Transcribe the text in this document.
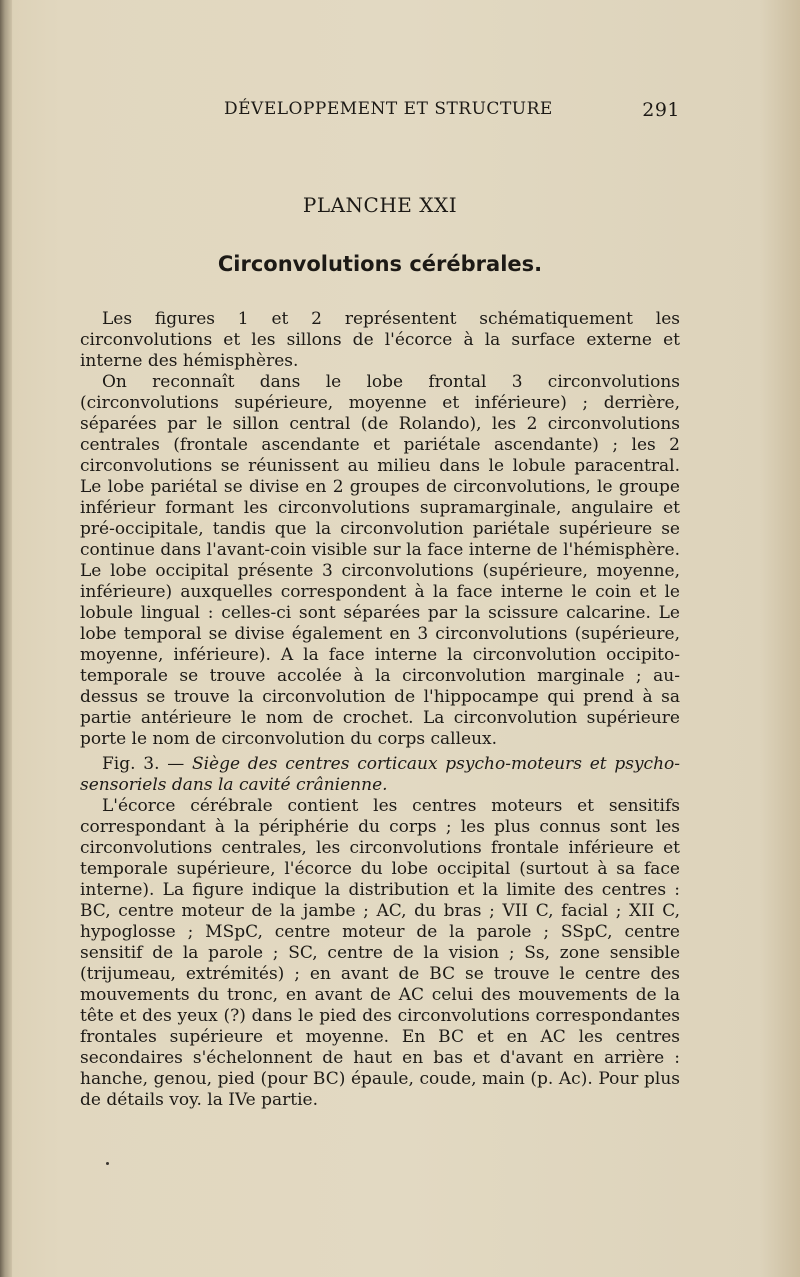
DÉVELOPPEMENT ET STRUCTURE	291
PLANCHE XXI
Circonvolutions cérébrales.

Les figures 1 et 2 représentent schématiquement les circonvolutions et les sillons de l'écorce à la surface externe et interne des hémisphères.

On reconnaît dans le lobe frontal 3 circonvolutions (circonvolutions supérieure, moyenne et inférieure) ; derrière, séparées par le sillon central (de Rolando), les 2 circonvolutions centrales (frontale ascendante et pariétale ascendante) ; les 2 circonvolutions se réunissent au milieu dans le lobule paracentral. Le lobe pariétal se divise en 2 groupes de circonvolutions, le groupe inférieur formant les circonvolutions supramarginale, angulaire et pré-occipitale, tandis que la circonvolution pariétale supérieure se continue dans l'avant-coin visible sur la face interne de l'hémisphère. Le lobe occipital présente 3 circonvolutions (supérieure, moyenne, inférieure) auxquelles correspondent à la face interne le coin et le lobule lingual : celles-ci sont séparées par la scissure calcarine. Le lobe temporal se divise également en 3 circonvolutions (supérieure, moyenne, inférieure). A la face interne la circonvolution occipito-temporale se trouve accolée à la circonvolution marginale ; au-dessus se trouve la circonvolution de l'hippocampe qui prend à sa partie antérieure le nom de crochet. La circonvolution supérieure porte le nom de circonvolution du corps calleux.

Fig. 3. — Siège des centres corticaux psycho-moteurs et psycho-sensoriels dans la cavité crânienne.

L'écorce cérébrale contient les centres moteurs et sensitifs correspondant à la périphérie du corps ; les plus connus sont les circonvolutions centrales, les circonvolutions frontale inférieure et temporale supérieure, l'écorce du lobe occipital (surtout à sa face interne). La figure indique la distribution et la limite des centres : BC, centre moteur de la jambe ; AC, du bras ; VII C, facial ; XII C, hypoglosse ; MSpC, centre moteur de la parole ; SSpC, centre sensitif de la parole ; SC, centre de la vision ; Ss, zone sensible (trijumeau, extrémités) ; en avant de BC se trouve le centre des mouvements du tronc, en avant de AC celui des mouvements de la tête et des yeux (?) dans le pied des circonvolutions correspondantes frontales supérieure et moyenne. En BC et en AC les centres secondaires s'échelonnent de haut en bas et d'avant en arrière : hanche, genou, pied (pour BC) épaule, coude, main (p. Ac). Pour plus de détails voy. la IVe partie.
